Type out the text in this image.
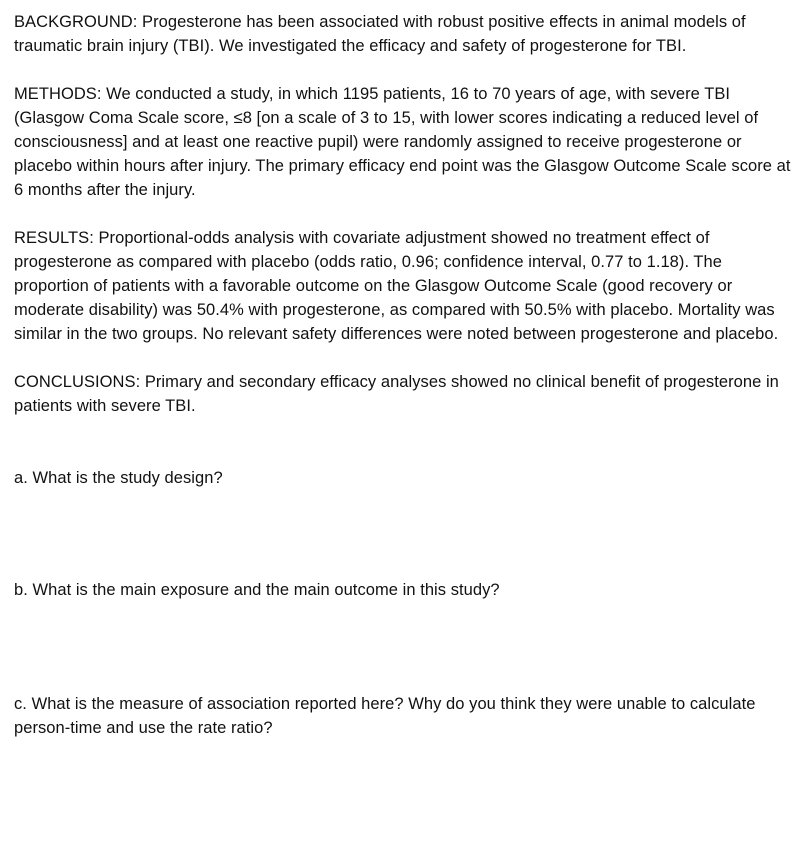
BACKGROUND: Progesterone has been associated with robust positive effects in animal models of traumatic brain injury (TBI). We investigated the efficacy and safety of progesterone for TBI.

METHODS: We conducted a study, in which 1195 patients, 16 to 70 years of age, with severe TBI (Glasgow Coma Scale score, ≤8 [on a scale of 3 to 15, with lower scores indicating a reduced level of consciousness] and at least one reactive pupil) were randomly assigned to receive progesterone or placebo within hours after injury. The primary efficacy end point was the Glasgow Outcome Scale score at 6 months after the injury.

RESULTS: Proportional-odds analysis with covariate adjustment showed no treatment effect of progesterone as compared with placebo (odds ratio, 0.96; confidence interval, 0.77 to 1.18). The proportion of patients with a favorable outcome on the Glasgow Outcome Scale (good recovery or moderate disability) was 50.4% with progesterone, as compared with 50.5% with placebo. Mortality was similar in the two groups. No relevant safety differences were noted between progesterone and placebo.

CONCLUSIONS: Primary and secondary efficacy analyses showed no clinical benefit of progesterone in patients with severe TBI.

a. What is the study design?

b. What is the main exposure and the main outcome in this study?

c. What is the measure of association reported here? Why do you think they were unable to calculate person-time and use the rate ratio?
